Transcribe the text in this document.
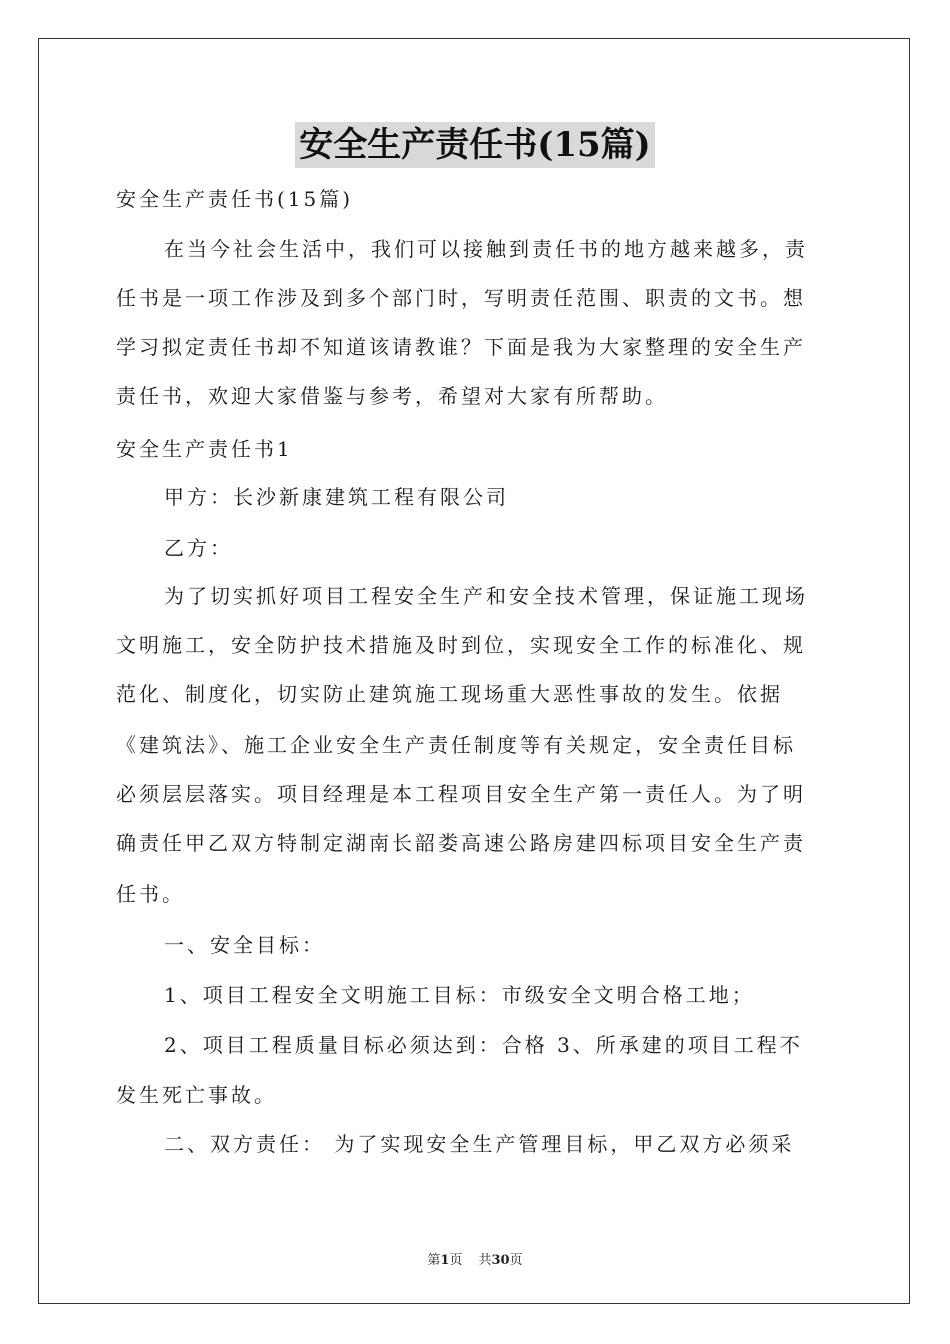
安全生产责任书(15篇)
安全生产责任书(15篇)
在当今社会生活中，我们可以接触到责任书的地方越来越多，责
任书是一项工作涉及到多个部门时，写明责任范围、职责的文书。想
学习拟定责任书却不知道该请教谁？下面是我为大家整理的安全生产
责任书，欢迎大家借鉴与参考，希望对大家有所帮助。
安全生产责任书1
甲方：长沙新康建筑工程有限公司
乙方：
为了切实抓好项目工程安全生产和安全技术管理，保证施工现场
文明施工，安全防护技术措施及时到位，实现安全工作的标准化、规
范化、制度化，切实防止建筑施工现场重大恶性事故的发生。依据
《建筑法》、施工企业安全生产责任制度等有关规定，安全责任目标
必须层层落实。项目经理是本工程项目安全生产第一责任人。为了明
确责任甲乙双方特制定湖南长韶娄高速公路房建四标项目安全生产责
任书。
一、安全目标：
1、项目工程安全文明施工目标：市级安全文明合格工地；
2、项目工程质量目标必须达到：合格 3、所承建的项目工程不
发生死亡事故。
二、双方责任： 为了实现安全生产管理目标，甲乙双方必须采
第1页 共30页
